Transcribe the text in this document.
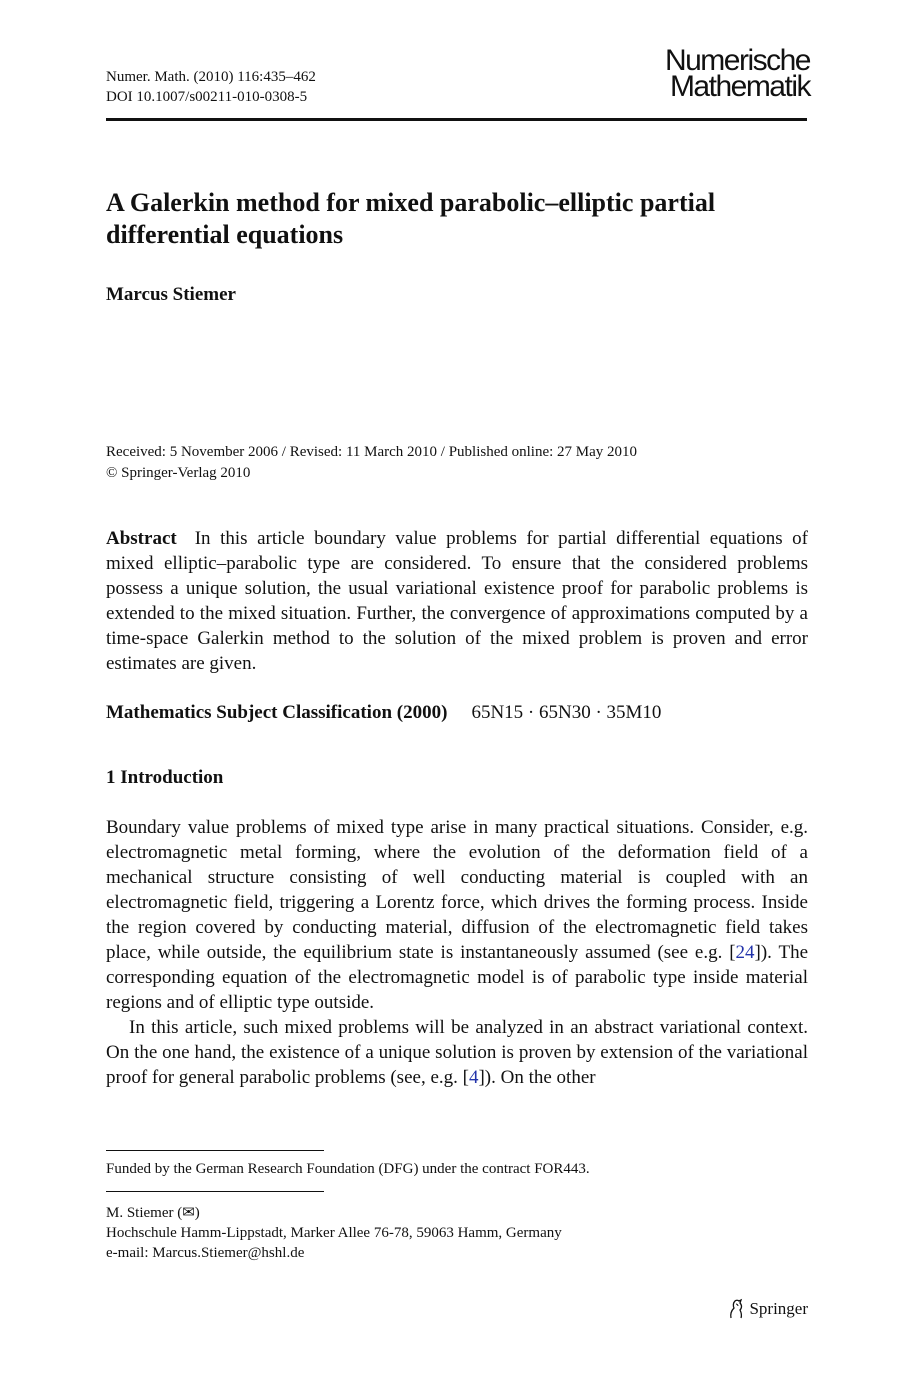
Numer. Math. (2010) 116:435–462
DOI 10.1007/s00211-010-0308-5
Numerische
Mathematik
A Galerkin method for mixed parabolic–elliptic partial differential equations
Marcus Stiemer
Received: 5 November 2006 / Revised: 11 March 2010 / Published online: 27 May 2010
© Springer-Verlag 2010
Abstract In this article boundary value problems for partial differential equations of mixed elliptic–parabolic type are considered. To ensure that the considered problems possess a unique solution, the usual variational existence proof for parabolic problems is extended to the mixed situation. Further, the convergence of approximations computed by a time-space Galerkin method to the solution of the mixed problem is proven and error estimates are given.
Mathematics Subject Classification (2000) 65N15 · 65N30 · 35M10
1 Introduction

Boundary value problems of mixed type arise in many practical situations. Consider, e.g. electromagnetic metal forming, where the evolution of the deformation field of a mechanical structure consisting of well conducting material is coupled with an electromagnetic field, triggering a Lorentz force, which drives the forming process. Inside the region covered by conducting material, diffusion of the electromagnetic field takes place, while outside, the equilibrium state is instantaneously assumed (see e.g. [24]). The corresponding equation of the electromagnetic model is of parabolic type inside material regions and of elliptic type outside.

In this article, such mixed problems will be analyzed in an abstract variational context. On the one hand, the existence of a unique solution is proven by extension of the variational proof for general parabolic problems (see, e.g. [4]). On the other

Funded by the German Research Foundation (DFG) under the contract FOR443.
M. Stiemer (✉)
Hochschule Hamm-Lippstadt, Marker Allee 76-78, 59063 Hamm, Germany
e-mail: Marcus.Stiemer@hshl.de
Springer
